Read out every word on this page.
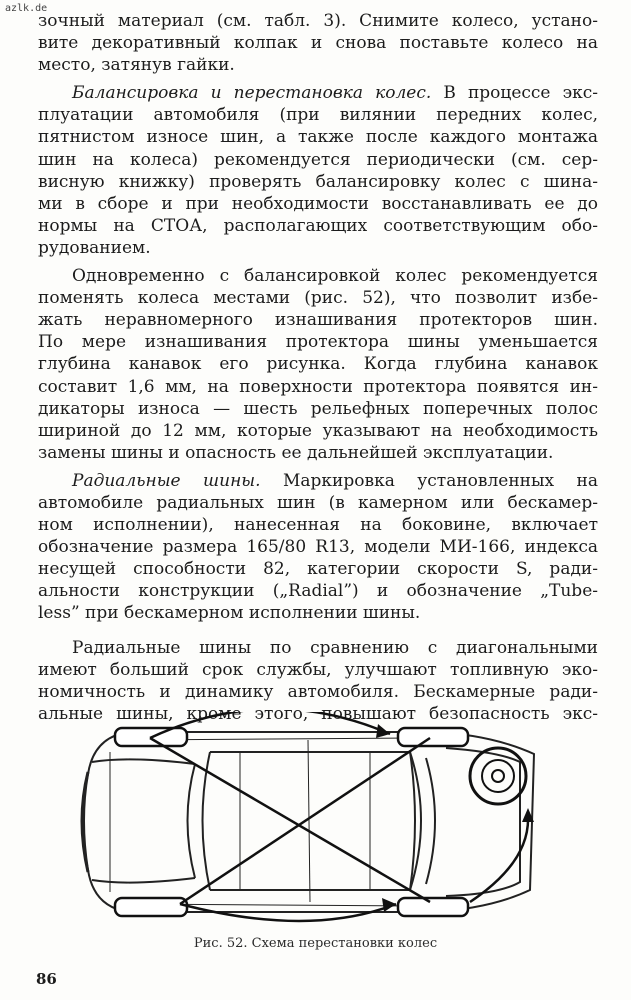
azlk.de

зочный материал (см. табл. 3). Снимите колесо, устано-
вите декоративный колпак и снова поставьте колесо на
место, затянув гайки.
Балансировка и перестановка колес. В процессе экс-
плуатации автомобиля (при вилянии передних колес,
пятнистом износе шин, а также после каждого монтажа
шин на колеса) рекомендуется периодически (см. сер-
висную книжку) проверять балансировку колес с шина-
ми в сборе и при необходимости восстанавливать ее до
нормы на СТОА, располагающих соответствующим обо-
рудованием.
Одновременно с балансировкой колес рекомендуется
поменять колеса местами (рис. 52), что позволит избе-
жать неравномерного изнашивания протекторов шин.
По мере изнашивания протектора шины уменьшается
глубина канавок его рисунка. Когда глубина канавок
составит 1,6 мм, на поверхности протектора появятся ин-
дикаторы износа — шесть рельефных поперечных полос
шириной до 12 мм, которые указывают на необходимость
замены шины и опасность ее дальнейшей эксплуатации.
Радиальные шины. Маркировка установленных на
автомобиле радиальных шин (в камерном или бескамер-
ном исполнении), нанесенная на боковине, включает
обозначение размера 165/80 R13, модели МИ-166, индекса
несущей способности 82, категории скорости S, ради-
альности конструкции („Radial”) и обозначение „Tube-
less” при бескамерном исполнении шины.
Радиальные шины по сравнению с диагональными
имеют больший срок службы, улучшают топливную эко-
номичность и динамику автомобиля. Бескамерные ради-
альные шины, кроме этого, повышают безопасность экс-

Рис. 52. Схема перестановки колес

86
